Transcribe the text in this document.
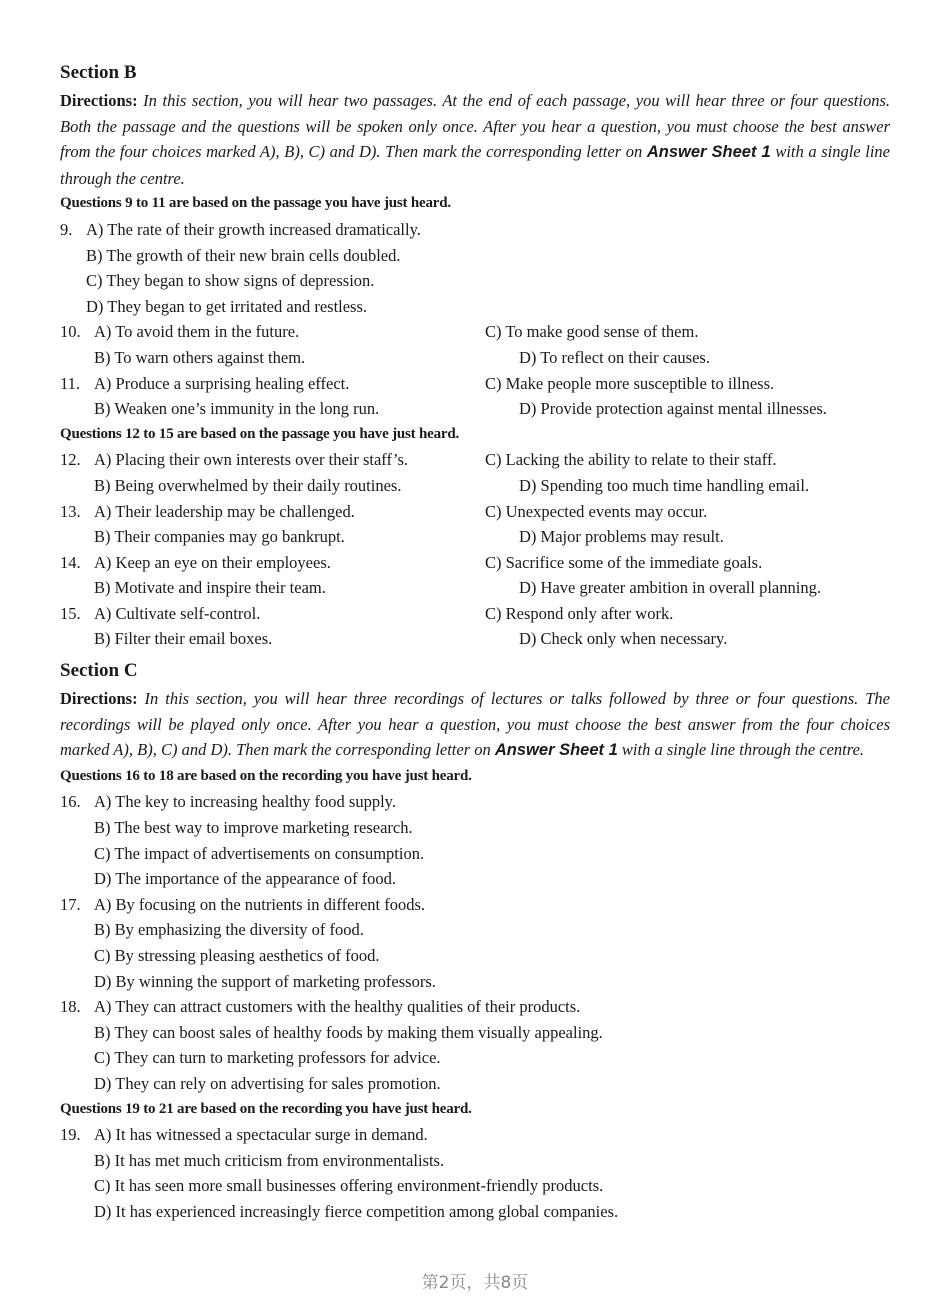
Section B

Directions: In this section, you will hear two passages. At the end of each passage, you will hear three or four questions. Both the passage and the questions will be spoken only once. After you hear a question, you must choose the best answer from the four choices marked A), B), C) and D). Then mark the corresponding letter on Answer Sheet 1 with a single line through the centre.

Questions 9 to 11 are based on the passage you have just heard.
9. A) The rate of their growth increased dramatically.
B) The growth of their new brain cells doubled.
C) They began to show signs of depression.
D) They began to get irritated and restless.
10. A) To avoid them in the future.	C) To make good sense of them.
B) To warn others against them.	D) To reflect on their causes.
11. A) Produce a surprising healing effect.	C) Make people more susceptible to illness.
B) Weaken one’s immunity in the long run.	D) Provide protection against mental illnesses.
Questions 12 to 15 are based on the passage you have just heard.
12. A) Placing their own interests over their staff’s.	C) Lacking the ability to relate to their staff.
B) Being overwhelmed by their daily routines.	D) Spending too much time handling email.
13. A) Their leadership may be challenged.	C) Unexpected events may occur.
B) Their companies may go bankrupt.	D) Major problems may result.
14. A) Keep an eye on their employees.	C) Sacrifice some of the immediate goals.
B) Motivate and inspire their team.	D) Have greater ambition in overall planning.
15. A) Cultivate self-control.	C) Respond only after work.
B) Filter their email boxes.	D) Check only when necessary.
Section C

Directions: In this section, you will hear three recordings of lectures or talks followed by three or four questions. The recordings will be played only once. After you hear a question, you must choose the best answer from the four choices marked A), B), C) and D). Then mark the corresponding letter on Answer Sheet 1 with a single line through the centre.

Questions 16 to 18 are based on the recording you have just heard.
16. A) The key to increasing healthy food supply.
B) The best way to improve marketing research.
C) The impact of advertisements on consumption.
D) The importance of the appearance of food.
17. A) By focusing on the nutrients in different foods.
B) By emphasizing the diversity of food.
C) By stressing pleasing aesthetics of food.
D) By winning the support of marketing professors.
18. A) They can attract customers with the healthy qualities of their products.
B) They can boost sales of healthy foods by making them visually appealing.
C) They can turn to marketing professors for advice.
D) They can rely on advertising for sales promotion.
Questions 19 to 21 are based on the recording you have just heard.
19. A) It has witnessed a spectacular surge in demand.
B) It has met much criticism from environmentalists.
C) It has seen more small businesses offering environment-friendly products.
D) It has experienced increasingly fierce competition among global companies.
第2页，共8页
